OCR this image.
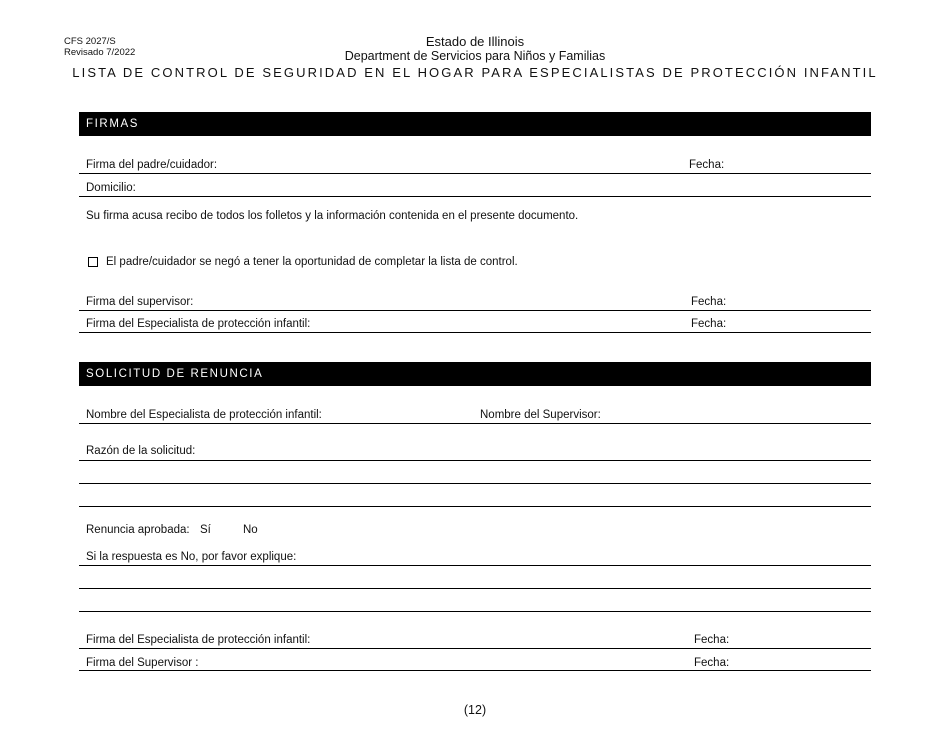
CFS 2027/S
Revisado 7/2022
Estado de Illinois
Department de Servicios para Niños y Familias
LISTA DE CONTROL DE SEGURIDAD EN EL HOGAR PARA ESPECIALISTAS DE PROTECCIÓN INFANTIL
FIRMAS
Firma del padre/cuidador:	Fecha:
Domicilio:
Su firma acusa recibo de todos los folletos y la información contenida en el presente documento.
El padre/cuidador se negó a tener la oportunidad de completar la lista de control.
Firma del supervisor:	Fecha:
Firma del Especialista de protección infantil:	Fecha:
SOLICITUD DE RENUNCIA
Nombre del Especialista de protección infantil:	Nombre del Supervisor:
Razón de la solicitud:
Renuncia aprobada: Sí	No
Si la respuesta es No, por favor explique:
Firma del Especialista de protección infantil:	Fecha:
Firma del Supervisor :	Fecha:
(12)
